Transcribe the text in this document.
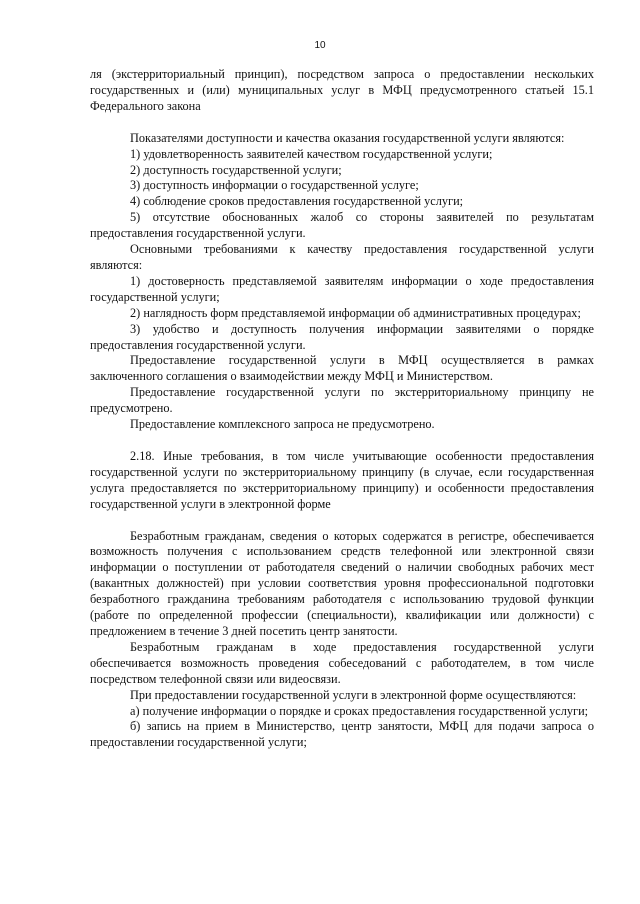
10

ля (экстерриториальный принцип), посредством запроса о предоставлении нескольких государственных и (или) муниципальных услуг в МФЦ предусмотренного статьей 15.1 Федерального закона

Показателями доступности и качества оказания государственной услуги являются:

1) удовлетворенность заявителей качеством государственной услуги;

2) доступность государственной услуги;

3) доступность информации о государственной услуге;

4) соблюдение сроков предоставления государственной услуги;

5) отсутствие обоснованных жалоб со стороны заявителей по результатам предоставления государственной услуги.

Основными требованиями к качеству предоставления государственной услуги являются:

1) достоверность представляемой заявителям информации о ходе предоставления государственной услуги;

2) наглядность форм представляемой информации об административных процедурах;

3) удобство и доступность получения информации заявителями о порядке предоставления государственной услуги.

Предоставление государственной услуги в МФЦ осуществляется в рамках заключенного соглашения о взаимодействии между МФЦ и Министерством.

Предоставление государственной услуги по экстерриториальному принципу не предусмотрено.

Предоставление комплексного запроса не предусмотрено.

2.18. Иные требования, в том числе учитывающие особенности предоставления государственной услуги по экстерриториальному принципу (в случае, если государственная услуга предоставляется по экстерриториальному принципу) и особенности предоставления государственной услуги в электронной форме

Безработным гражданам, сведения о которых содержатся в регистре, обеспечивается возможность получения с использованием средств телефонной или электронной связи информации о поступлении от работодателя сведений о наличии свободных рабочих мест (вакантных должностей) при условии соответствия уровня профессиональной подготовки безработного гражданина требованиям работодателя с использованию трудовой функции (работе по определенной профессии (специальности), квалификации или должности) с предложением в течение 3 дней посетить центр занятости.

Безработным гражданам в ходе предоставления государственной услуги обеспечивается возможность проведения собеседований с работодателем, в том числе посредством телефонной связи или видеосвязи.

При предоставлении государственной услуги в электронной форме осуществляются:

а) получение информации о порядке и сроках предоставления государственной услуги;

б) запись на прием в Министерство, центр занятости, МФЦ для подачи запроса о предоставлении государственной услуги;
